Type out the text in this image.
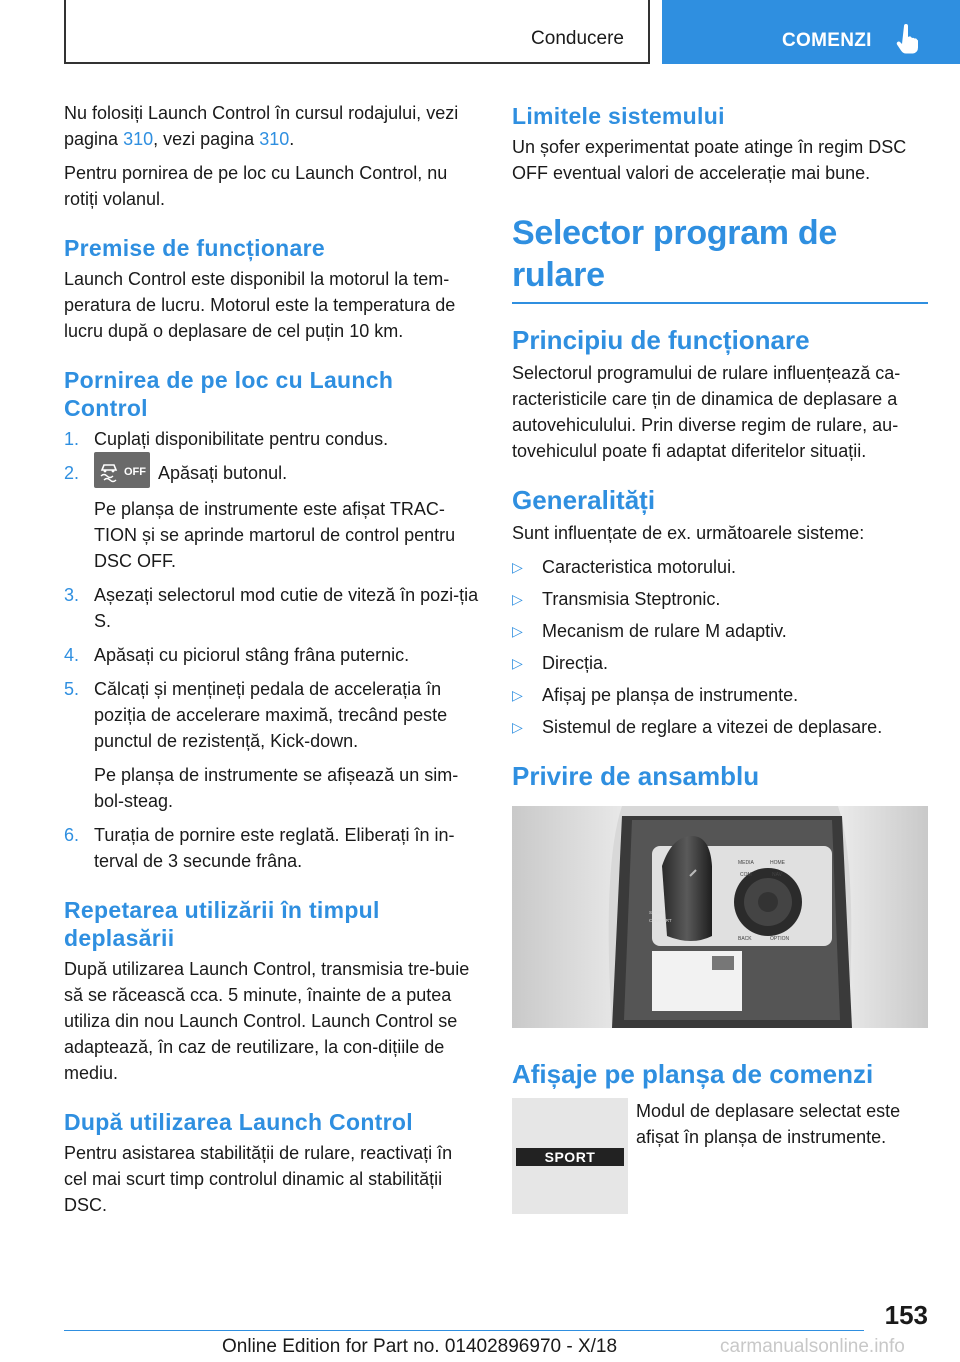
Conducere	COMENZI

Nu folosiți Launch Control în cursul rodajului, vezi pagina 310, vezi pagina 310.

Pentru pornirea de pe loc cu Launch Control, nu rotiți volanul.

Premise de funcționare

Launch Control este disponibil la motorul la tem-peratura de lucru. Motorul este la temperatura de lucru după o deplasare de cel puțin 10 km.

Pornirea de pe loc cu Launch Control
1. Cuplați disponibilitate pentru condus.
2.	OFF Apăsați butonul.
Pe planșa de instrumente este afișat TRAC-TION și se aprinde martorul de control pentru DSC OFF.
3. Așezați selectorul mod cutie de viteză în pozi-ția S.
4. Apăsați cu piciorul stâng frâna puternic.
5. Călcați și mențineți pedala de accelerația în poziția de accelerare maximă, trecând peste punctul de rezistență, Kick-down.
Pe planșa de instrumente se afișează un sim-bol-steag.
6. Turația de pornire este reglată. Eliberați în in-terval de 3 secunde frâna.
Repetarea utilizării în timpul deplasării

După utilizarea Launch Control, transmisia tre-buie să se răcească cca. 5 minute, înainte de a putea utiliza din nou Launch Control. Launch Control se adaptează, în caz de reutilizare, la con-dițiile de mediu.

După utilizarea Launch Control

Pentru asistarea stabilității de rulare, reactivați în cel mai scurt timp controlul dinamic al stabilității DSC.

Limitele sistemului

Un șofer experimentat poate atinge în regim DSC OFF eventual valori de accelerație mai bune.

Selector program de rulare
Principiu de funcționare

Selectorul programului de rulare influențează ca-racteristicile care țin de dinamica de deplasare a autovehiculului. Prin diverse regim de rulare, au-tovehiculul poate fi adaptat diferitelor situații.

Generalități

Sunt influențate de ex. următoarele sisteme:

▷ Caracteristica motorului.
▷ Transmisia Steptronic.
▷ Mecanism de rulare M adaptiv.
▷ Direcția.
▷ Afișaj pe planșa de instrumente.
▷ Sistemul de reglare a vitezei de deplasare.
Privire de ansamblu
MEDIA	HOME
COM	NAV
BACK	OPTION
SPORT
COMFORT
Afișaje pe planșa de comenzi
SPORT

Modul de deplasare selectat este afișat în planșa de instrumente.

153
Online Edition for Part no. 01402896970 - X/18	carmanualsonline.info
